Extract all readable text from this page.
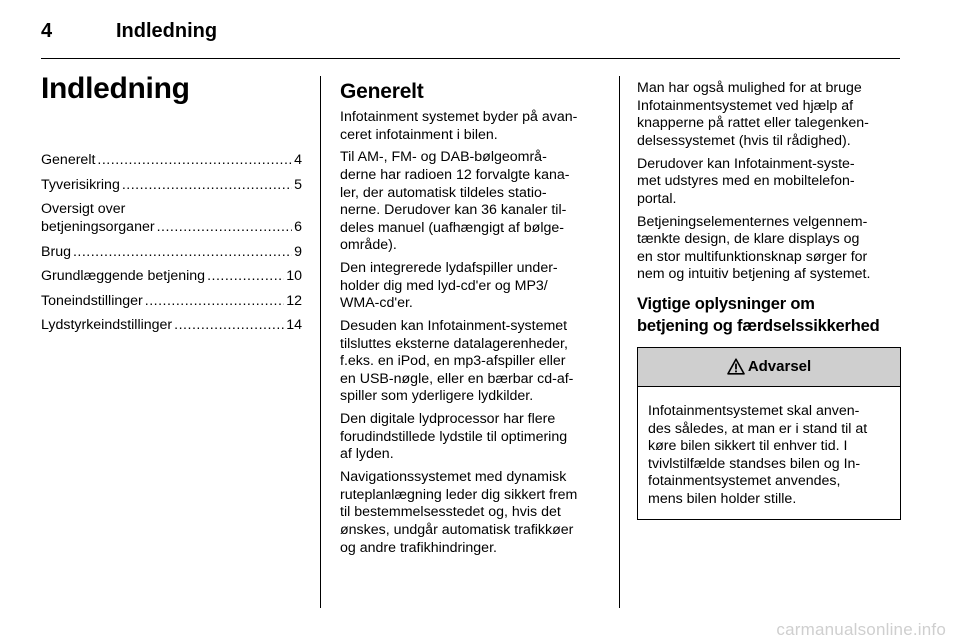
4	Indledning
Indledning
Generelt .....	4
Tyverisikring .....	5
Oversigt over
betjeningsorganer .....	6
Brug .....	9
Grundlæggende betjening .....	10
Toneindstillinger .....	12
Lydstyrkeindstillinger .....	14
Generelt

Infotainment systemet byder på avan-
ceret infotainment i bilen.

Til AM-, FM- og DAB-bølgeområ-
derne har radioen 12 forvalgte kana-
ler, der automatisk tildeles statio-
nerne. Derudover kan 36 kanaler til-
deles manuel (uafhængigt af bølge-
område).

Den integrerede lydafspiller under-
holder dig med lyd-cd'er og MP3/
WMA-cd'er.

Desuden kan Infotainment-systemet
tilsluttes eksterne datalagerenheder,
f.eks. en iPod, en mp3-afspiller eller
en USB-nøgle, eller en bærbar cd-af-
spiller som yderligere lydkilder.

Den digitale lydprocessor har flere
forudindstillede lydstile til optimering
af lyden.

Navigationssystemet med dynamisk
ruteplanlægning leder dig sikkert frem
til bestemmelsesstedet og, hvis det
ønskes, undgår automatisk trafikkøer
og andre trafikhindringer.

Man har også mulighed for at bruge
Infotainmentsystemet ved hjælp af
knapperne på rattet eller talegenken-
delsessystemet (hvis til rådighed).

Derudover kan Infotainment-syste-
met udstyres med en mobiltelefon-
portal.

Betjeningselementernes velgennem-
tænkte design, de klare displays og
en stor multifunktionsknap sørger for
nem og intuitiv betjening af systemet.

Vigtige oplysninger om
betjening og færdselssikkerhed
Advarsel
Infotainmentsystemet skal anven-
des således, at man er i stand til at
køre bilen sikkert til enhver tid. I
tvivlstilfælde standses bilen og In-
fotainmentsystemet anvendes,
mens bilen holder stille.
carmanualsonline.info
